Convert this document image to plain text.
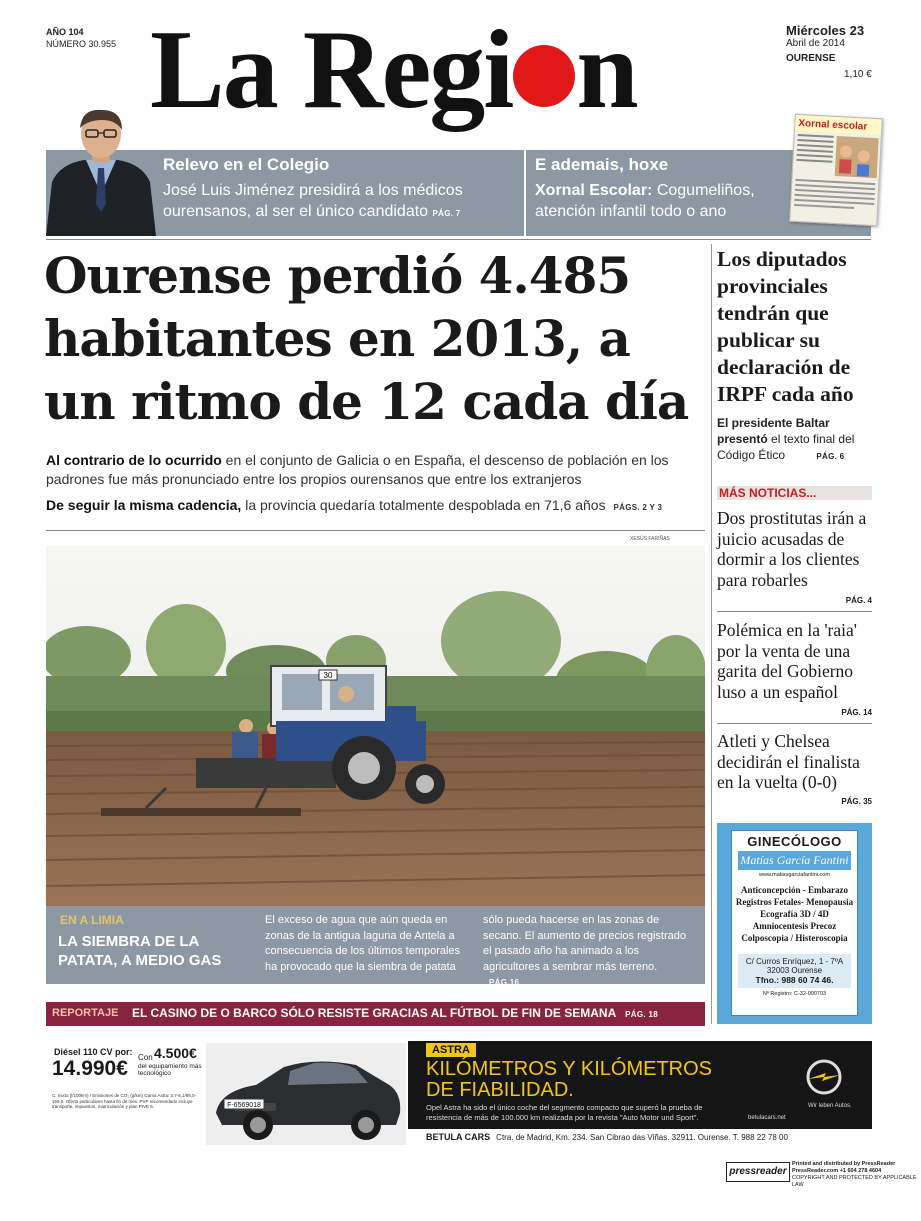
AÑO 104
NÚMERO 30.955 La Regi n	Miércoles 23
Abril de 2014
OURENSE
1,10 €
Relevo en el Colegio
José Luis Jiménez presidirá a los médicos ourensanos, al ser el único candidato PÁG. 7
E ademais, hoxe
Xornal Escolar: Cogumeliños, atención infantil todo o ano
Xornal escolar
Ourense perdió 4.485 habitantes en 2013, a un ritmo de 12 cada día

Al contrario de lo ocurrido en el conjunto de Galicia o en España, el descenso de población en los padrones fue más pronunciado entre los propios ourensanos que entre los extranjeros

De seguir la misma cadencia, la provincia quedaría totalmente despoblada en 71,6 años PÁGS. 2 Y 3

XESÚS FARIÑAS
30
EN A LIMIA
LA SIEMBRA DE LA PATATA, A MEDIO GAS
El exceso de agua que aún queda en zonas de la antigua laguna de Antela a consecuencia de los últimos temporales ha provocado que la siembra de patata
sólo pueda hacerse en las zonas de secano. El aumento de precios registrado el pasado año ha animado a los agricultores a sembrar más terreno. PÁG.16
REPORTAJE EL CASINO DE O BARCO SÓLO RESISTE GRACIAS AL FÚTBOL DE FIN DE SEMANA PÁG. 18
Los diputados provinciales tendrán que publicar su declaración de IRPF cada año
El presidente Baltar presentó el texto final del Código Ético	PÁG. 6
MÁS NOTICIAS...
Dos prostitutas irán a juicio acusadas de dormir a los clientes para robarles
PÁG. 4
Polémica en la 'raia' por la venta de una garita del Gobierno luso a un español
PÁG. 14
Atleti y Chelsea decidirán el finalista en la vuelta (0-0)
PÁG. 35
GINECÓLOGO
Matías García Fantini
www.matiasgarciafantini.com
Anticoncepción - Embarazo
Registros Fetales- Menopausia
Ecografía 3D / 4D
Amniocentesis Precoz
Colposcopia / Histeroscopia
C/ Curros Enríquez, 1 - 7ºA
32003 Ourense
Tfno.: 988 60 74 46.
Nº Registro: C-32-000703
Diésel 110 CV por:
14.990€ Con 4.500€
del equipamiento más tecnológico
C. mixto (l/100km) / Emisiones de CO₂ (g/km) Gama Astra: 3,7-6,1/99,0-169,0. Oferta particulares hasta fin de mes. PVP recomendado incluye transporte, impuestos, matriculación y plan PIVE 5.	F-6569018
ASTRA
KILÓMETROS Y KILÓMETROS DE FIABILIDAD.
Opel Astra ha sido el único coche del segmento compacto que superó la prueba de resistencia de más de 100.000 km realizada por la revista "Auto Motor und Sport".	betulacars.net
Wir leben Autos.
BETULA CARS Ctra. de Madrid, Km. 234. San Cibrao das Viñas. 32911. Ourense. T. 988 22 78 00
pressreader
Printed and distributed by PressReader
PressReader.com +1 604 278 4604
COPYRIGHT AND PROTECTED BY APPLICABLE LAW
